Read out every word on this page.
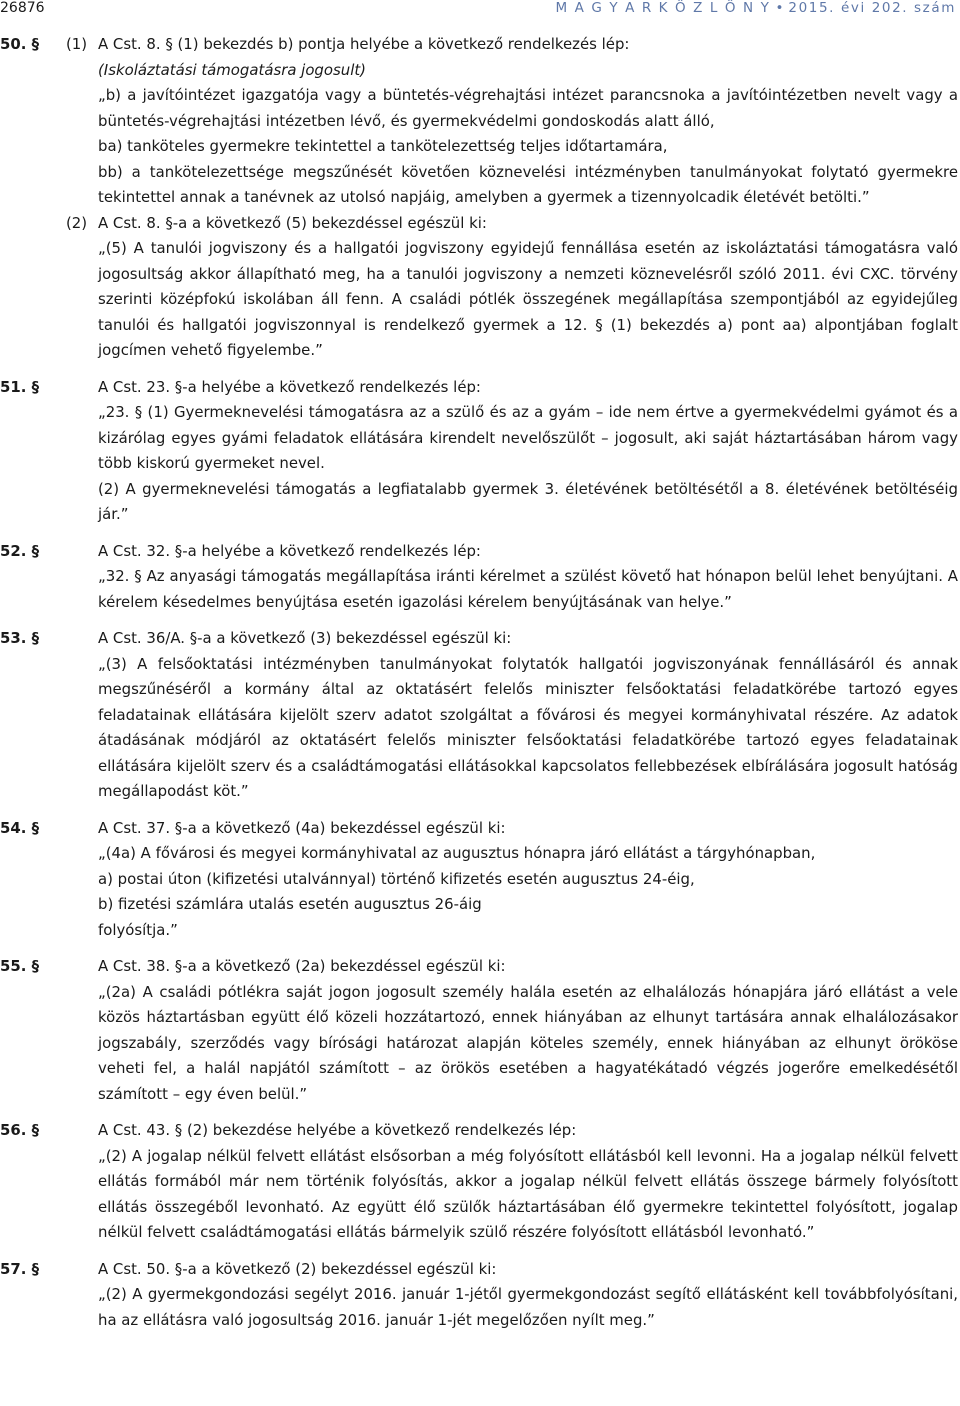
26876	M A G Y A R K Ö Z L Ö N Y • 2015. évi 202. szám
50. § (1) A Cst. 8. § (1) bekezdés b) pontja helyébe a következő rendelkezés lép:

(Iskoláztatási támogatásra jogosult)

„b) a javítóintézet igazgatója vagy a büntetés-végrehajtási intézet parancsnoka a javítóintézetben nevelt vagy a büntetés-végrehajtási intézetben lévő, és gyermekvédelmi gondoskodás alatt álló,

ba) tanköteles gyermekre tekintettel a tankötelezettség teljes időtartamára,

bb) a tankötelezettsége megszűnését követően köznevelési intézményben tanulmányokat folytató gyermekre tekintettel annak a tanévnek az utolsó napjáig, amelyben a gyermek a tizennyolcadik életévét betölti.”

(2) A Cst. 8. §-a a következő (5) bekezdéssel egészül ki:

„(5) A tanulói jogviszony és a hallgatói jogviszony egyidejű fennállása esetén az iskoláztatási támogatásra való jogosultság akkor állapítható meg, ha a tanulói jogviszony a nemzeti köznevelésről szóló 2011. évi CXC. törvény szerinti középfokú iskolában áll fenn. A családi pótlék összegének megállapítása szempontjából az egyidejűleg tanulói és hallgatói jogviszonnyal is rendelkező gyermek a 12. § (1) bekezdés a) pont aa) alpontjában foglalt jogcímen vehető figyelembe.”

51. §	A Cst. 23. §-a helyébe a következő rendelkezés lép:

„23. § (1) Gyermeknevelési támogatásra az a szülő és az a gyám – ide nem értve a gyermekvédelmi gyámot és a kizárólag egyes gyámi feladatok ellátására kirendelt nevelőszülőt – jogosult, aki saját háztartásában három vagy több kiskorú gyermeket nevel.

(2) A gyermeknevelési támogatás a legfiatalabb gyermek 3. életévének betöltésétől a 8. életévének betöltéséig jár.”

52. §	A Cst. 32. §-a helyébe a következő rendelkezés lép:

„32. § Az anyasági támogatás megállapítása iránti kérelmet a szülést követő hat hónapon belül lehet benyújtani. A kérelem késedelmes benyújtása esetén igazolási kérelem benyújtásának van helye.”

53. §	A Cst. 36/A. §-a a következő (3) bekezdéssel egészül ki:

„(3) A felsőoktatási intézményben tanulmányokat folytatók hallgatói jogviszonyának fennállásáról és annak megszűnéséről a kormány által az oktatásért felelős miniszter felsőoktatási feladatkörébe tartozó egyes feladatainak ellátására kijelölt szerv adatot szolgáltat a fővárosi és megyei kormányhivatal részére. Az adatok átadásának módjáról az oktatásért felelős miniszter felsőoktatási feladatkörébe tartozó egyes feladatainak ellátására kijelölt szerv és a családtámogatási ellátásokkal kapcsolatos fellebbezések elbírálására jogosult hatóság megállapodást köt.”

54. §	A Cst. 37. §-a a következő (4a) bekezdéssel egészül ki:

„(4a) A fővárosi és megyei kormányhivatal az augusztus hónapra járó ellátást a tárgyhónapban,

a) postai úton (kifizetési utalvánnyal) történő kifizetés esetén augusztus 24-éig,

b) fizetési számlára utalás esetén augusztus 26-áig

folyósítja.”

55. §	A Cst. 38. §-a a következő (2a) bekezdéssel egészül ki:

„(2a) A családi pótlékra saját jogon jogosult személy halála esetén az elhalálozás hónapjára járó ellátást a vele közös háztartásban együtt élő közeli hozzátartozó, ennek hiányában az elhunyt tartására annak elhalálozásakor jogszabály, szerződés vagy bírósági határozat alapján köteles személy, ennek hiányában az elhunyt örököse veheti fel, a halál napjától számított – az örökös esetében a hagyatékátadó végzés jogerőre emelkedésétől számított – egy éven belül.”

56. §	A Cst. 43. § (2) bekezdése helyébe a következő rendelkezés lép:

„(2) A jogalap nélkül felvett ellátást elsősorban a még folyósított ellátásból kell levonni. Ha a jogalap nélkül felvett ellátás formából már nem történik folyósítás, akkor a jogalap nélkül felvett ellátás összege bármely folyósított ellátás összegéből levonható. Az együtt élő szülők háztartásában élő gyermekre tekintettel folyósított, jogalap nélkül felvett családtámogatási ellátás bármelyik szülő részére folyósított ellátásból levonható.”

57. §	A Cst. 50. §-a a következő (2) bekezdéssel egészül ki:

„(2) A gyermekgondozási segélyt 2016. január 1-jétől gyermekgondozást segítő ellátásként kell továbbfolyósítani, ha az ellátásra való jogosultság 2016. január 1-jét megelőzően nyílt meg.”
